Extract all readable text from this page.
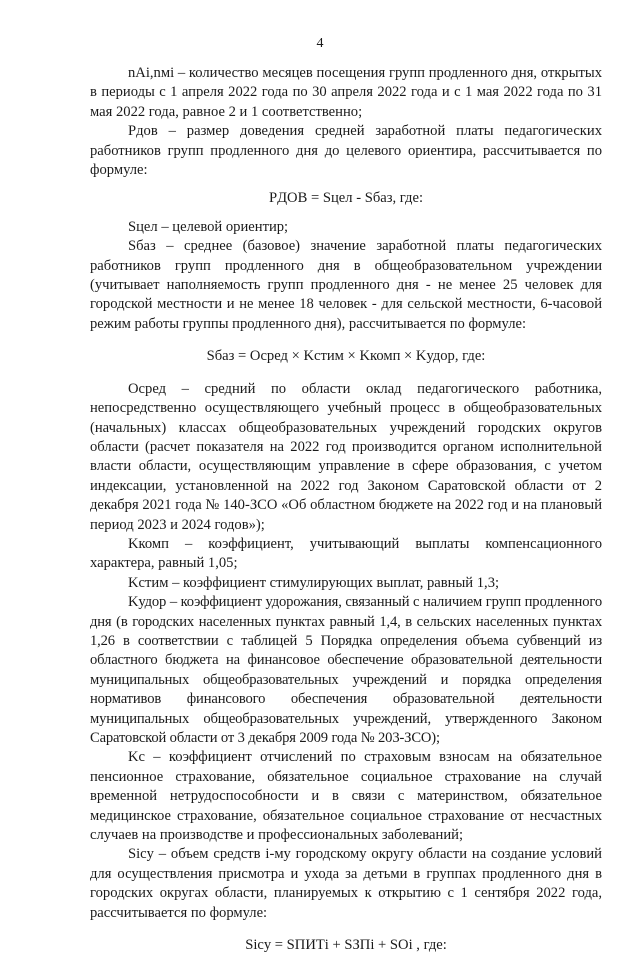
4

nAi,nмi – количество месяцев посещения групп продленного дня, открытых в периоды с 1 апреля 2022 года по 30 апреля 2022 года и с 1 мая 2022 года по 31 мая 2022 года, равное 2 и 1 соответственно;

Pдов – размер доведения средней заработной платы педагогических работников групп продленного дня до целевого ориентира, рассчитывается по формуле:

PДОВ = Sцел - Sбаз, где:

Sцел – целевой ориентир;

Sбаз – среднее (базовое) значение заработной платы педагогических работников групп продленного дня в общеобразовательном учреждении (учитывает наполняемость групп продленного дня - не менее 25 человек для городской местности и не менее 18 человек - для сельской местности, 6-часовой режим работы группы продленного дня), рассчитывается по формуле:

Sбаз = Oсред × Kстим × Kкомп × Kудор, где:

Oсред – средний по области оклад педагогического работника, непосредственно осуществляющего учебный процесс в общеобразовательных (начальных) классах общеобразовательных учреждений городских округов области (расчет показателя на 2022 год производится органом исполнительной власти области, осуществляющим управление в сфере образования, с учетом индексации, установленной на 2022 год Законом Саратовской области от 2 декабря 2021 года № 140-ЗСО «Об областном бюджете на 2022 год и на плановый период 2023 и 2024 годов»);

Kкомп – коэффициент, учитывающий выплаты компенсационного характера, равный 1,05;

Kстим – коэффициент стимулирующих выплат, равный 1,3;

Kудор – коэффициент удорожания, связанный с наличием групп продленного дня (в городских населенных пунктах равный 1,4, в сельских населенных пунктах 1,26 в соответствии с таблицей 5 Порядка определения объема субвенций из областного бюджета на финансовое обеспечение образовательной деятельности муниципальных общеобразовательных учреждений и порядка определения нормативов финансового обеспечения образовательной деятельности муниципальных общеобразовательных учреждений, утвержденного Законом Саратовской области от 3 декабря 2009 года № 203-ЗСО);

Kс – коэффициент отчислений по страховым взносам на обязательное пенсионное страхование, обязательное социальное страхование на случай временной нетрудоспособности и в связи с материнством, обязательное медицинское страхование, обязательное социальное страхование от несчастных случаев на производстве и профессиональных заболеваний;

Sicy – объем средств i-му городскому округу области на создание условий для осуществления присмотра и ухода за детьми в группах продленного дня в городских округах области, планируемых к открытию с 1 сентября 2022 года, рассчитывается по формуле:

Sicy = SПИТi + SЗПi + SOi , где:
